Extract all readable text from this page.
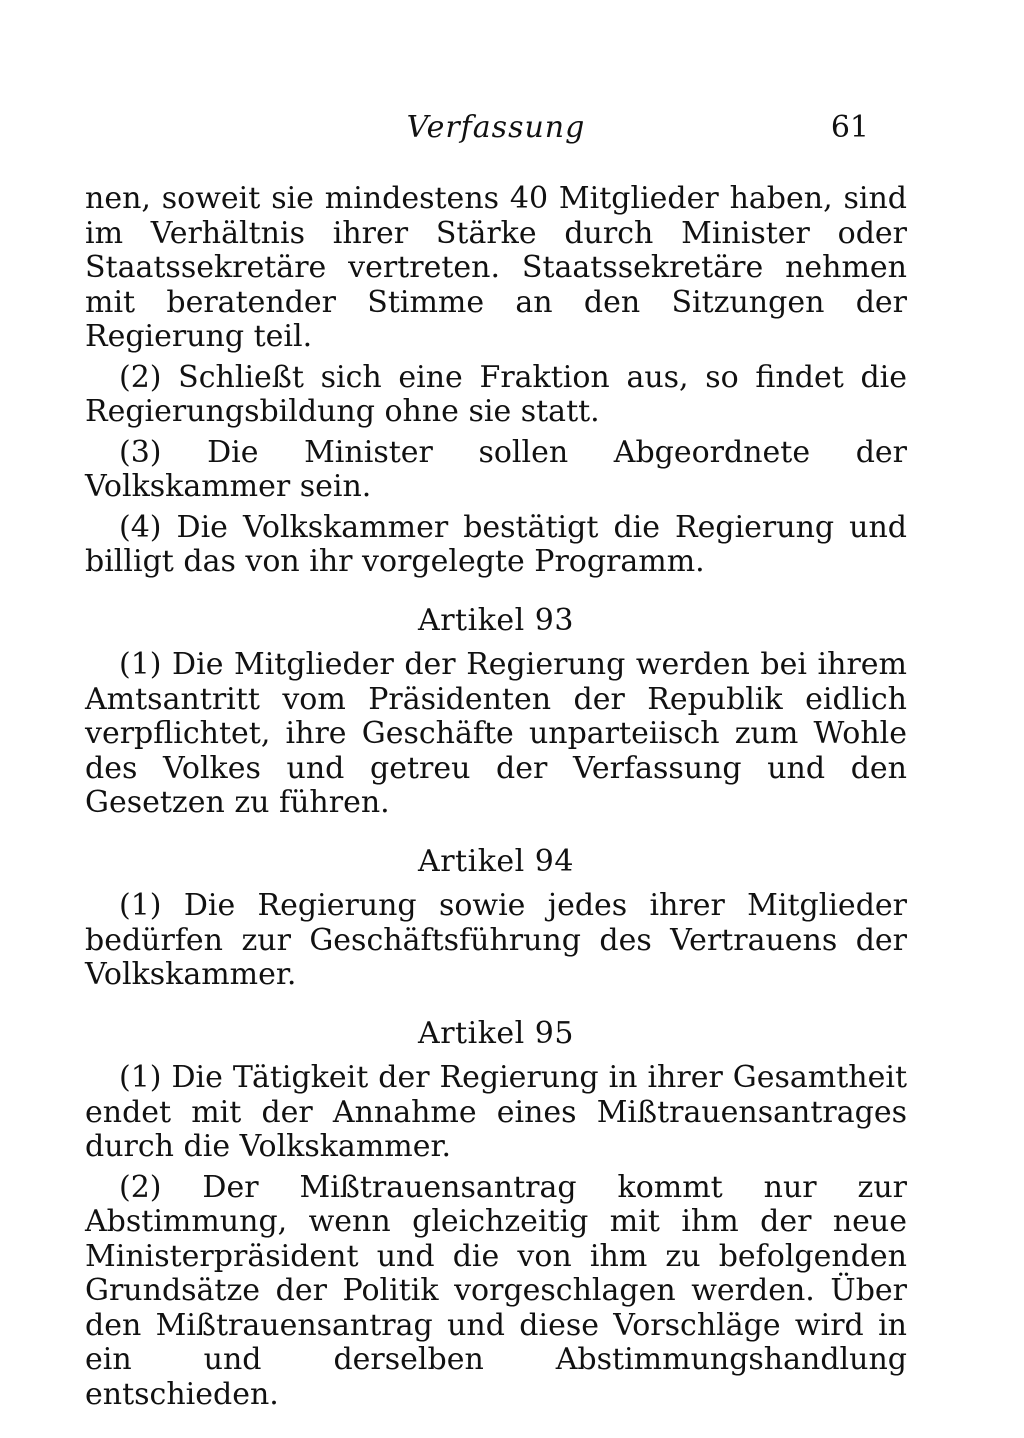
Verfassung	61

nen, soweit sie mindestens 40 Mitglieder haben, sind im Verhältnis ihrer Stärke durch Minister oder Staatssekretäre vertreten. Staatssekretäre nehmen mit beratender Stimme an den Sitzungen der Regierung teil.

(2) Schließt sich eine Fraktion aus, so findet die Regierungsbildung ohne sie statt.

(3) Die Minister sollen Abgeordnete der Volkskammer sein.

(4) Die Volkskammer bestätigt die Regierung und billigt das von ihr vorgelegte Programm.

Artikel 93

(1) Die Mitglieder der Regierung werden bei ihrem Amtsantritt vom Präsidenten der Republik eidlich verpflichtet, ihre Geschäfte unparteiisch zum Wohle des Volkes und getreu der Verfassung und den Gesetzen zu führen.

Artikel 94

(1) Die Regierung sowie jedes ihrer Mitglieder bedürfen zur Geschäftsführung des Vertrauens der Volkskammer.

Artikel 95

(1) Die Tätigkeit der Regierung in ihrer Gesamtheit endet mit der Annahme eines Mißtrauensantrages durch die Volkskammer.

(2) Der Mißtrauensantrag kommt nur zur Abstimmung, wenn gleichzeitig mit ihm der neue Ministerpräsident und die von ihm zu befolgenden Grundsätze der Politik vorgeschlagen werden. Über den Mißtrauensantrag und diese Vorschläge wird in ein und derselben Abstimmungshandlung entschieden.
